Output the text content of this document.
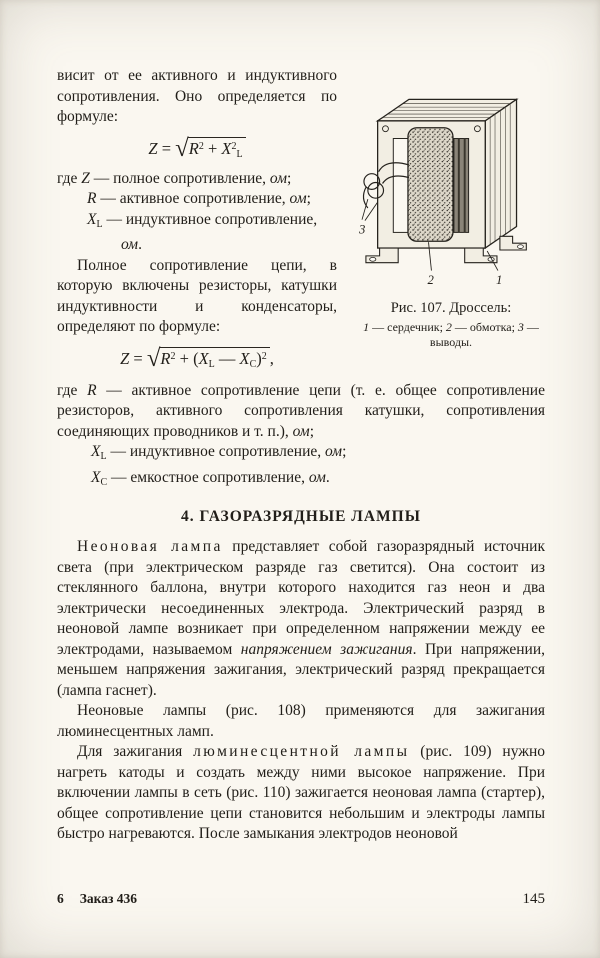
висит от ее активного и индуктивного сопротивления. Оно определяется по формуле:

$Z = √R^2 + X^2_L$
где Z — полное сопротивление, ом;
R — активное сопротивление, ом;
$X_L$ — индуктивное сопротивление, ом.

Полное сопротивление цепи, в которую включены резисторы, катушки индуктивности и конденсаторы, определяют по формуле:

$Z = √R^2 + (X_L$ — $X_C)^2$ ,
3
2	1
Рис. 107. Дроссель:
1 — сердечник; 2 — обмотка; 3 — выводы.
где R — активное сопротивление цепи (т. е. общее сопротивление резисторов, активного сопротивления катушки, сопротивления соединяющих проводников и т. п.), ом;
$X_L$ — индуктивное сопротивление, ом;
$X_C$ — емкостное сопротивление, ом.
4. ГАЗОРАЗРЯДНЫЕ ЛАМПЫ

Неоновая лампа представляет собой газоразрядный источник света (при электрическом разряде газ светится). Она состоит из стеклянного баллона, внутри которого находится газ неон и два электрически несоединенных электрода. Электрический разряд в неоновой лампе возникает при определенном напряжении между ее электродами, называемом напряжением зажигания. При напряжении, меньшем напряжения зажигания, электрический разряд прекращается (лампа гаснет).

Неоновые лампы (рис. 108) применяются для зажигания люминесцентных ламп.

Для зажигания люминесцентной лампы (рис. 109) нужно нагреть катоды и создать между ними высокое напряжение. При включении лампы в сеть (рис. 110) зажигается неоновая лампа (стартер), общее сопротивление цепи становится небольшим и электроды лампы быстро нагреваются. После замыкания электродов неоновой

6 Заказ 436	145
